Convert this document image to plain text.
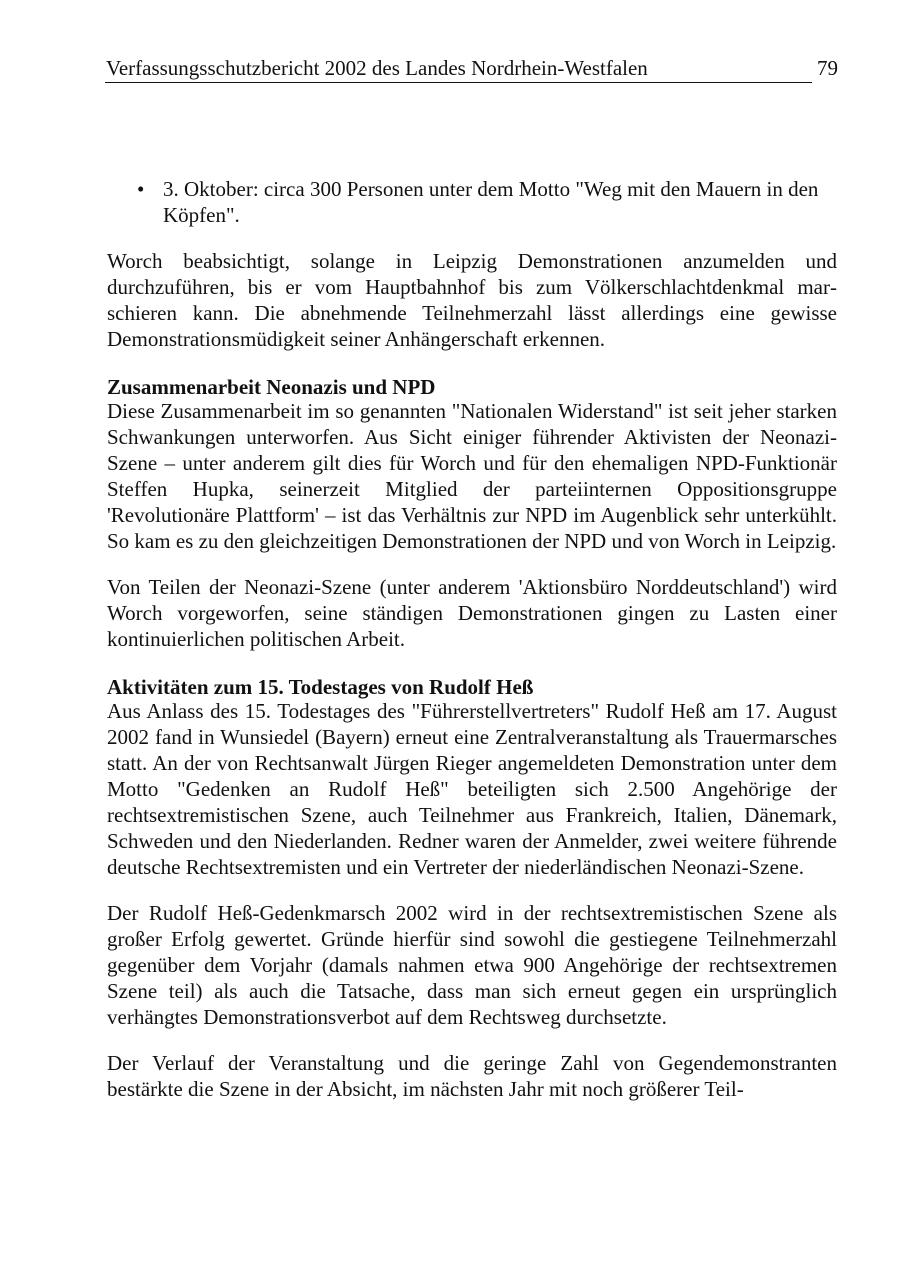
Verfassungsschutzbericht 2002 des Landes Nordrhein-Westfalen	79
• 3. Oktober: circa 300 Personen unter dem Motto "Weg mit den Mauern in den Köpfen".

Worch beabsichtigt, solange in Leipzig Demonstrationen anzumelden und durchzuführen, bis er vom Hauptbahnhof bis zum Völkerschlachtdenkmal marschieren kann. Die abnehmende Teilnehmerzahl lässt allerdings eine gewisse Demonstrationsmüdigkeit seiner Anhängerschaft erkennen.

Zusammenarbeit Neonazis und NPD

Diese Zusammenarbeit im so genannten "Nationalen Widerstand" ist seit jeher starken Schwankungen unterworfen. Aus Sicht einiger führender Aktivisten der Neonazi-Szene – unter anderem gilt dies für Worch und für den ehemaligen NPD-Funktionär Steffen Hupka, seinerzeit Mitglied der parteiinternen Oppositionsgruppe 'Revolutionäre Plattform' – ist das Verhältnis zur NPD im Augenblick sehr unterkühlt. So kam es zu den gleichzeitigen Demonstrationen der NPD und von Worch in Leipzig.

Von Teilen der Neonazi-Szene (unter anderem 'Aktionsbüro Norddeutschland') wird Worch vorgeworfen, seine ständigen Demonstrationen gingen zu Lasten einer kontinuierlichen politischen Arbeit.

Aktivitäten zum 15. Todestages von Rudolf Heß

Aus Anlass des 15. Todestages des "Führerstellvertreters" Rudolf Heß am 17. August 2002 fand in Wunsiedel (Bayern) erneut eine Zentralveranstaltung als Trauermarsches statt. An der von Rechtsanwalt Jürgen Rieger angemeldeten Demonstration unter dem Motto "Gedenken an Rudolf Heß" beteiligten sich 2.500 Angehörige der rechtsextremistischen Szene, auch Teilnehmer aus Frankreich, Italien, Dänemark, Schweden und den Niederlanden. Redner waren der Anmelder, zwei weitere führende deutsche Rechtsextremisten und ein Vertreter der niederländischen Neonazi-Szene.

Der Rudolf Heß-Gedenkmarsch 2002 wird in der rechtsextremistischen Szene als großer Erfolg gewertet. Gründe hierfür sind sowohl die gestiegene Teilnehmerzahl gegenüber dem Vorjahr (damals nahmen etwa 900 Angehörige der rechtsextremen Szene teil) als auch die Tatsache, dass man sich erneut gegen ein ursprünglich verhängtes Demonstrationsverbot auf dem Rechtsweg durchsetzte.

Der Verlauf der Veranstaltung und die geringe Zahl von Gegendemonstranten bestärkte die Szene in der Absicht, im nächsten Jahr mit noch größerer Teil-
